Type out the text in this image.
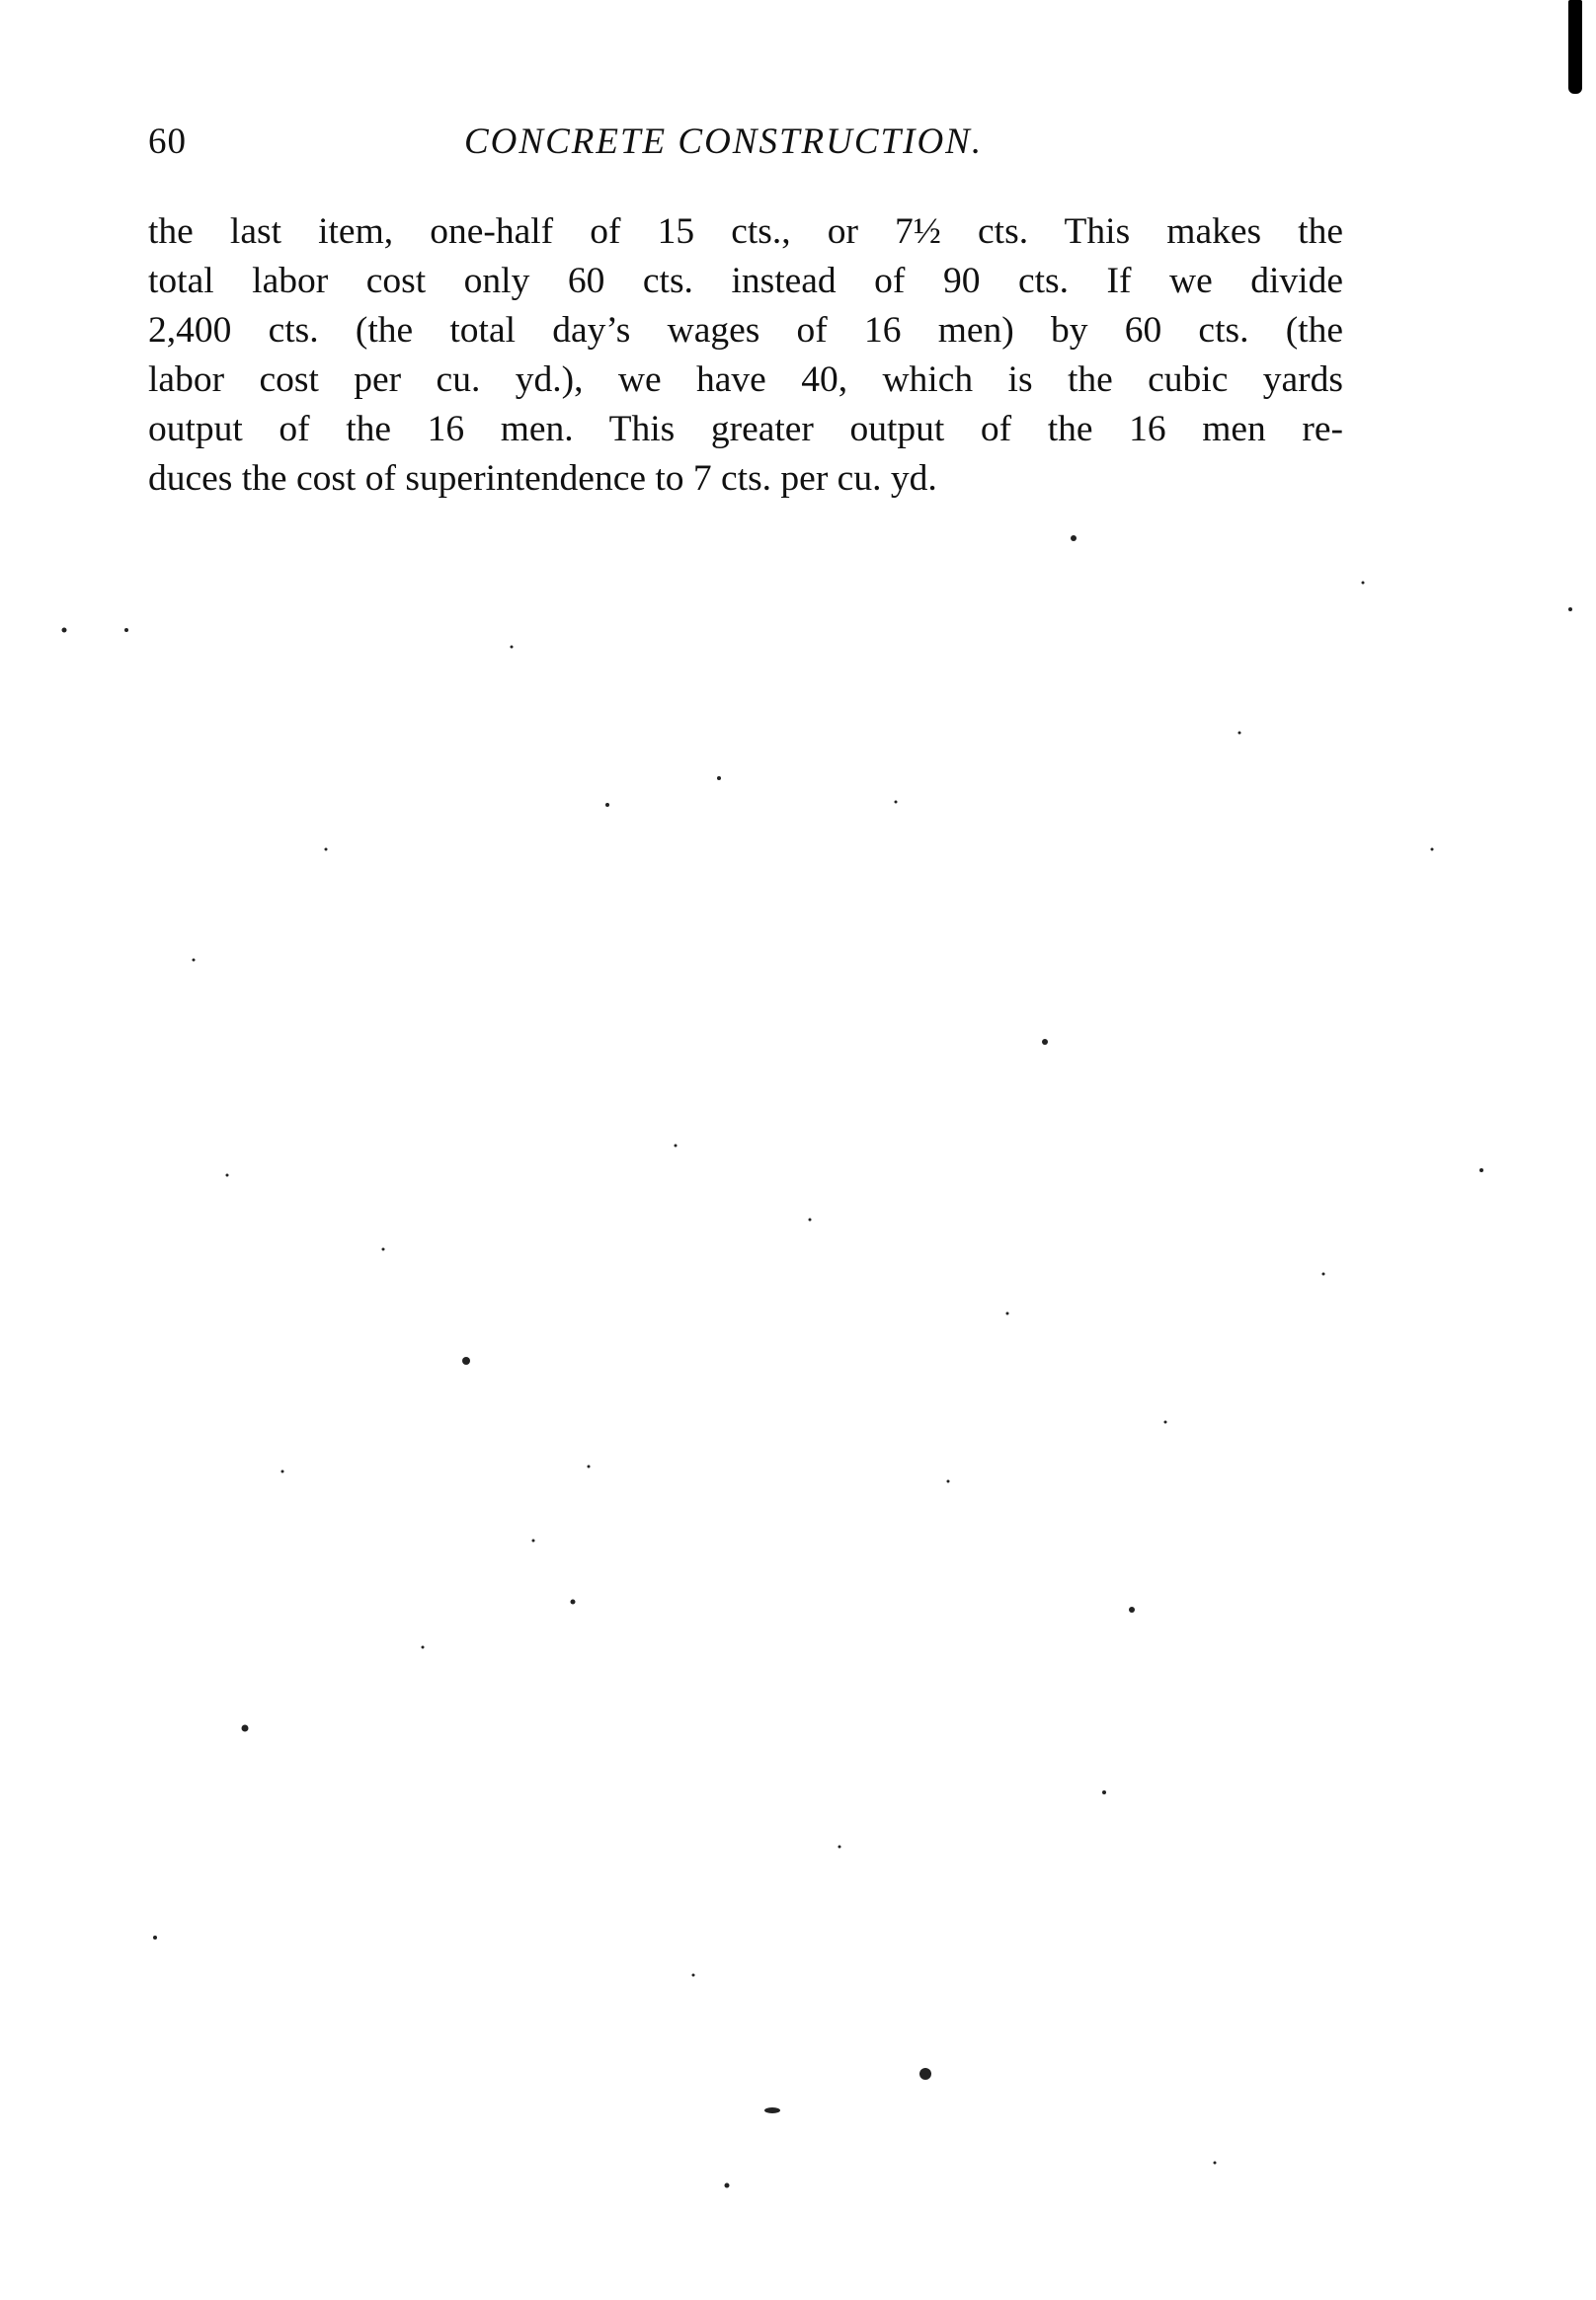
60	CONCRETE CONSTRUCTION.
the last item, one-half of 15 cts., or 7½ cts. This makes the
total labor cost only 60 cts. instead of 90 cts. If we divide
2,400 cts. (the total day’s wages of 16 men) by 60 cts. (the
labor cost per cu. yd.), we have 40, which is the cubic yards
output of the 16 men. This greater output of the 16 men re-
duces the cost of superintendence to 7 cts. per cu. yd.
